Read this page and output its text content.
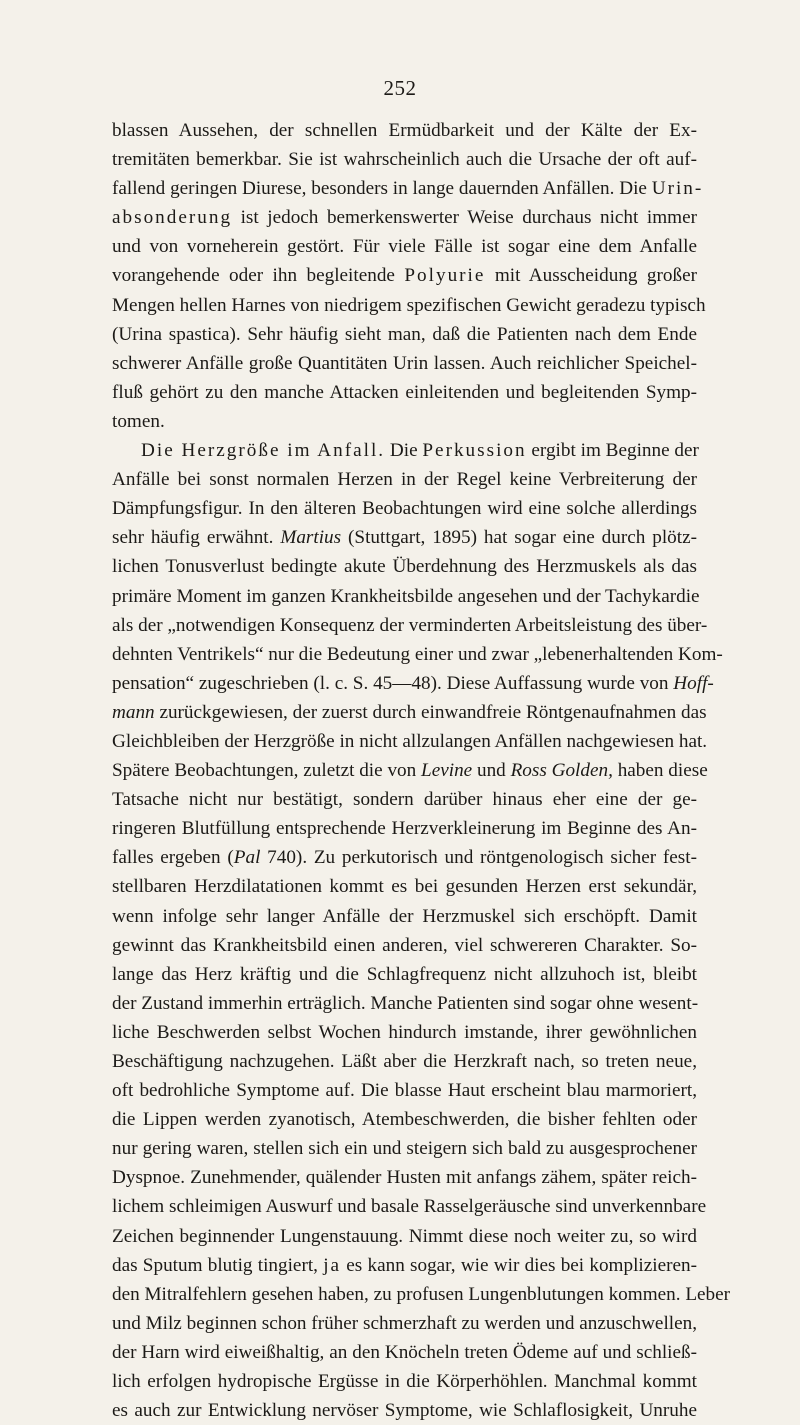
252
blassen Aussehen, der schnellen Ermüdbarkeit und der Kälte der Ex-
tremitäten bemerkbar. Sie ist wahrscheinlich auch die Ursache der oft auf-
fallend geringen Diurese, besonders in lange dauernden Anfällen. Die Urin-
absonderung ist jedoch bemerkenswerter Weise durchaus nicht immer
und von vorneherein gestört. Für viele Fälle ist sogar eine dem Anfalle
vorangehende oder ihn begleitende Polyurie mit Ausscheidung großer
Mengen hellen Harnes von niedrigem spezifischen Gewicht geradezu typisch
(Urina spastica). Sehr häufig sieht man, daß die Patienten nach dem Ende
schwerer Anfälle große Quantitäten Urin lassen. Auch reichlicher Speichel-
fluß gehört zu den manche Attacken einleitenden und begleitenden Symp-
tomen.
Die Herzgröße im Anfall. Die Perkussion ergibt im Beginne der
Anfälle bei sonst normalen Herzen in der Regel keine Verbreiterung der
Dämpfungsfigur. In den älteren Beobachtungen wird eine solche allerdings
sehr häufig erwähnt. Martius (Stuttgart, 1895) hat sogar eine durch plötz-
lichen Tonusverlust bedingte akute Überdehnung des Herzmuskels als das
primäre Moment im ganzen Krankheitsbilde angesehen und der Tachykardie
als der „notwendigen Konsequenz der verminderten Arbeitsleistung des über-
dehnten Ventrikels“ nur die Bedeutung einer und zwar „lebenerhaltenden Kom-
pensation“ zugeschrieben (l. c. S. 45—48). Diese Auffassung wurde von Hoff-
mann zurückgewiesen, der zuerst durch einwandfreie Röntgenaufnahmen das
Gleichbleiben der Herzgröße in nicht allzulangen Anfällen nachgewiesen hat.
Spätere Beobachtungen, zuletzt die von Levine und Ross Golden, haben diese
Tatsache nicht nur bestätigt, sondern darüber hinaus eher eine der ge-
ringeren Blutfüllung entsprechende Herzverkleinerung im Beginne des An-
falles ergeben (Pal 740). Zu perkutorisch und röntgenologisch sicher fest-
stellbaren Herzdilatationen kommt es bei gesunden Herzen erst sekundär,
wenn infolge sehr langer Anfälle der Herzmuskel sich erschöpft. Damit
gewinnt das Krankheitsbild einen anderen, viel schwereren Charakter. So-
lange das Herz kräftig und die Schlagfrequenz nicht allzuhoch ist, bleibt
der Zustand immerhin erträglich. Manche Patienten sind sogar ohne wesent-
liche Beschwerden selbst Wochen hindurch imstande, ihrer gewöhnlichen
Beschäftigung nachzugehen. Läßt aber die Herzkraft nach, so treten neue,
oft bedrohliche Symptome auf. Die blasse Haut erscheint blau marmoriert,
die Lippen werden zyanotisch, Atembeschwerden, die bisher fehlten oder
nur gering waren, stellen sich ein und steigern sich bald zu ausgesprochener
Dyspnoe. Zunehmender, quälender Husten mit anfangs zähem, später reich-
lichem schleimigen Auswurf und basale Rasselgeräusche sind unverkennbare
Zeichen beginnender Lungenstauung. Nimmt diese noch weiter zu, so wird
das Sputum blutig tingiert, ja es kann sogar, wie wir dies bei komplizieren-
den Mitralfehlern gesehen haben, zu profusen Lungenblutungen kommen. Leber
und Milz beginnen schon früher schmerzhaft zu werden und anzuschwellen,
der Harn wird eiweißhaltig, an den Knöcheln treten Ödeme auf und schließ-
lich erfolgen hydropische Ergüsse in die Körperhöhlen. Manchmal kommt
es auch zur Entwicklung nervöser Symptome, wie Schlaflosigkeit, Unruhe
